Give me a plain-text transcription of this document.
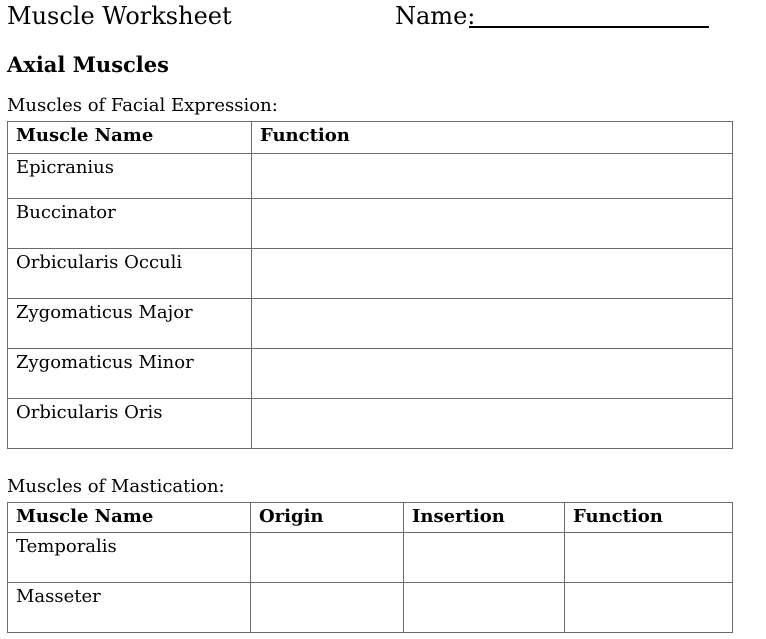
Muscle Worksheet	Name:
Axial Muscles
Muscles of Facial Expression:
Muscle Name	Function
Epicranius	
Buccinator	
Orbicularis Occuli	
Zygomaticus Major	
Zygomaticus Minor	
Orbicularis Oris	
Muscles of Mastication:
Muscle Name	Origin	Insertion	Function
Temporalis			
Masseter			
